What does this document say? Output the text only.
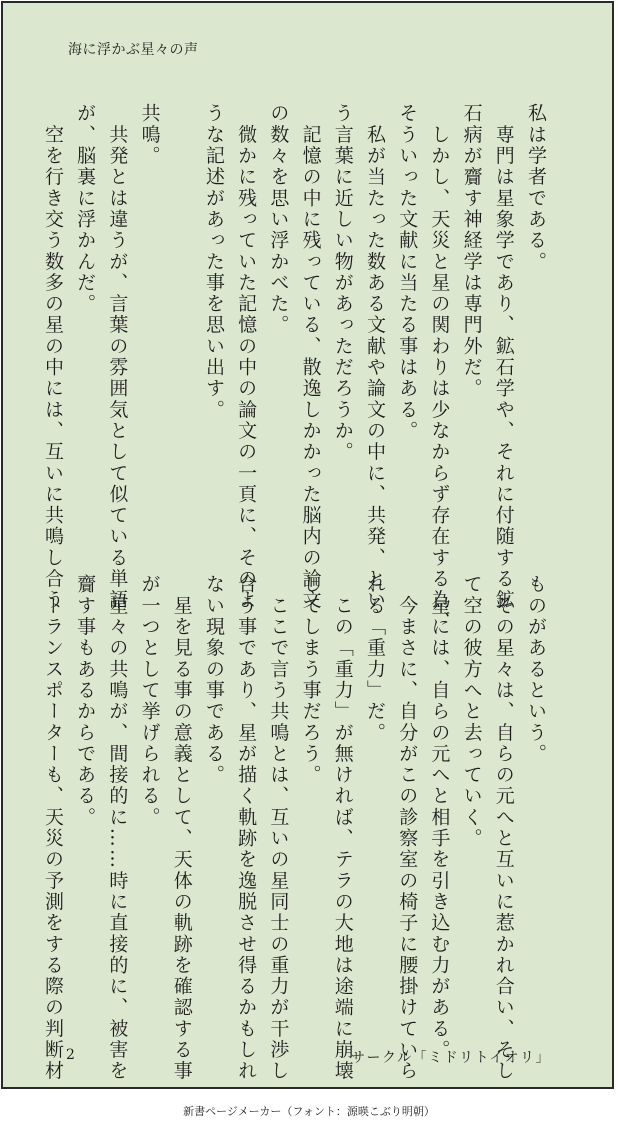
海に浮かぶ星々の声
私は学者である。
　専門は星象学であり、鉱石学や、それに付随する鉱
石病が齎す神経学は専門外だ。
　しかし、天災と星の関わりは少なからず存在する為、
そういった文献に当たる事はある。
　私が当たった数ある文献や論文の中に、共発、とい
う言葉に近しい物があっただろうか。
　記憶の中に残っている、散逸しかかった脳内の論文
の数々を思い浮かべた。
　微かに残っていた記憶の中の論文の一頁に、そのよ
うな記述があった事を思い出す。

共鳴。
　共発とは違うが、言葉の雰囲気として似ている単語
が、脳裏に浮かんだ。
　空を行き交う数多の星の中には、互いに共鳴し合う
ものがあるという。
　その星々は、自らの元へと互いに惹かれ合い、そし
て空の彼方へと去っていく。
　星には、自らの元へと相手を引き込む力がある。
　今まさに、自分がこの診察室の椅子に腰掛けていら
れる「重力」だ。
　この「重力」が無ければ、テラの大地は途端に崩壊
してしまう事だろう。
　ここで言う共鳴とは、互いの星同士の重力が干渉し
合う事であり、星が描く軌跡を逸脱させ得るかもしれ
ない現象の事である。
　星を見る事の意義として、天体の軌跡を確認する事
が一つとして挙げられる。
　星々の共鳴が、間接的に……時に直接的に、被害を
齎す事もあるからである。
　トランスポーターも、天災の予測をする際の判断材 2	サークル「ミドリトイオリ」
新書ページメーカー（フォント：源暎こぶり明朝）
